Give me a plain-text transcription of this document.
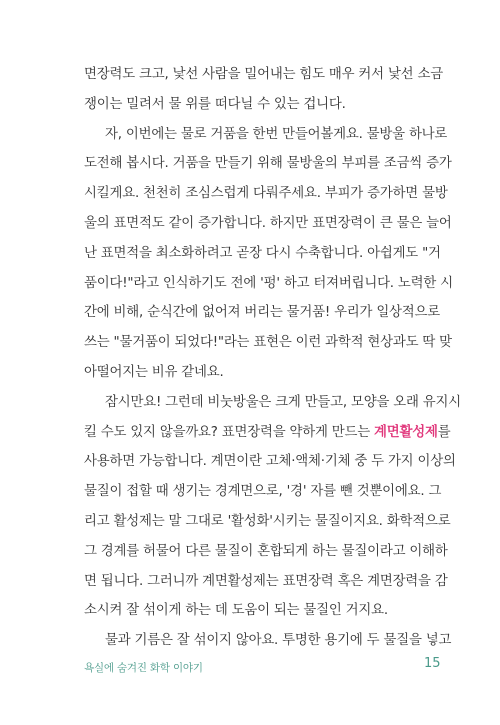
면장력도 크고, 낯선 사람을 밀어내는 힘도 매우 커서 낯선 소금
쟁이는 밀려서 물 위를 떠다닐 수 있는 겁니다.

자, 이번에는 물로 거품을 한번 만들어볼게요. 물방울 하나로
도전해 봅시다. 거품을 만들기 위해 물방울의 부피를 조금씩 증가
시킬게요. 천천히 조심스럽게 다뤄주세요. 부피가 증가하면 물방
울의 표면적도 같이 증가합니다. 하지만 표면장력이 큰 물은 늘어
난 표면적을 최소화하려고 곧장 다시 수축합니다. 아쉽게도 "거
품이다!"라고 인식하기도 전에 '펑' 하고 터져버립니다. 노력한 시
간에 비해, 순식간에 없어져 버리는 물거품! 우리가 일상적으로
쓰는 "물거품이 되었다!"라는 표현은 이런 과학적 현상과도 딱 맞
아떨어지는 비유 같네요.

잠시만요! 그런데 비눗방울은 크게 만들고, 모양을 오래 유지시
킬 수도 있지 않을까요? 표면장력을 약하게 만드는 계면활성제를
사용하면 가능합니다. 계면이란 고체·액체·기체 중 두 가지 이상의
물질이 접할 때 생기는 경계면으로, '경' 자를 뺀 것뿐이에요. 그
리고 활성제는 말 그대로 '활성화'시키는 물질이지요. 화학적으로
그 경계를 허물어 다른 물질이 혼합되게 하는 물질이라고 이해하
면 됩니다. 그러니까 계면활성제는 표면장력 혹은 계면장력을 감
소시켜 잘 섞이게 하는 데 도움이 되는 물질인 거지요.

물과 기름은 잘 섞이지 않아요. 투명한 용기에 두 물질을 넣고

욕실에 숨겨진 화학 이야기	15
